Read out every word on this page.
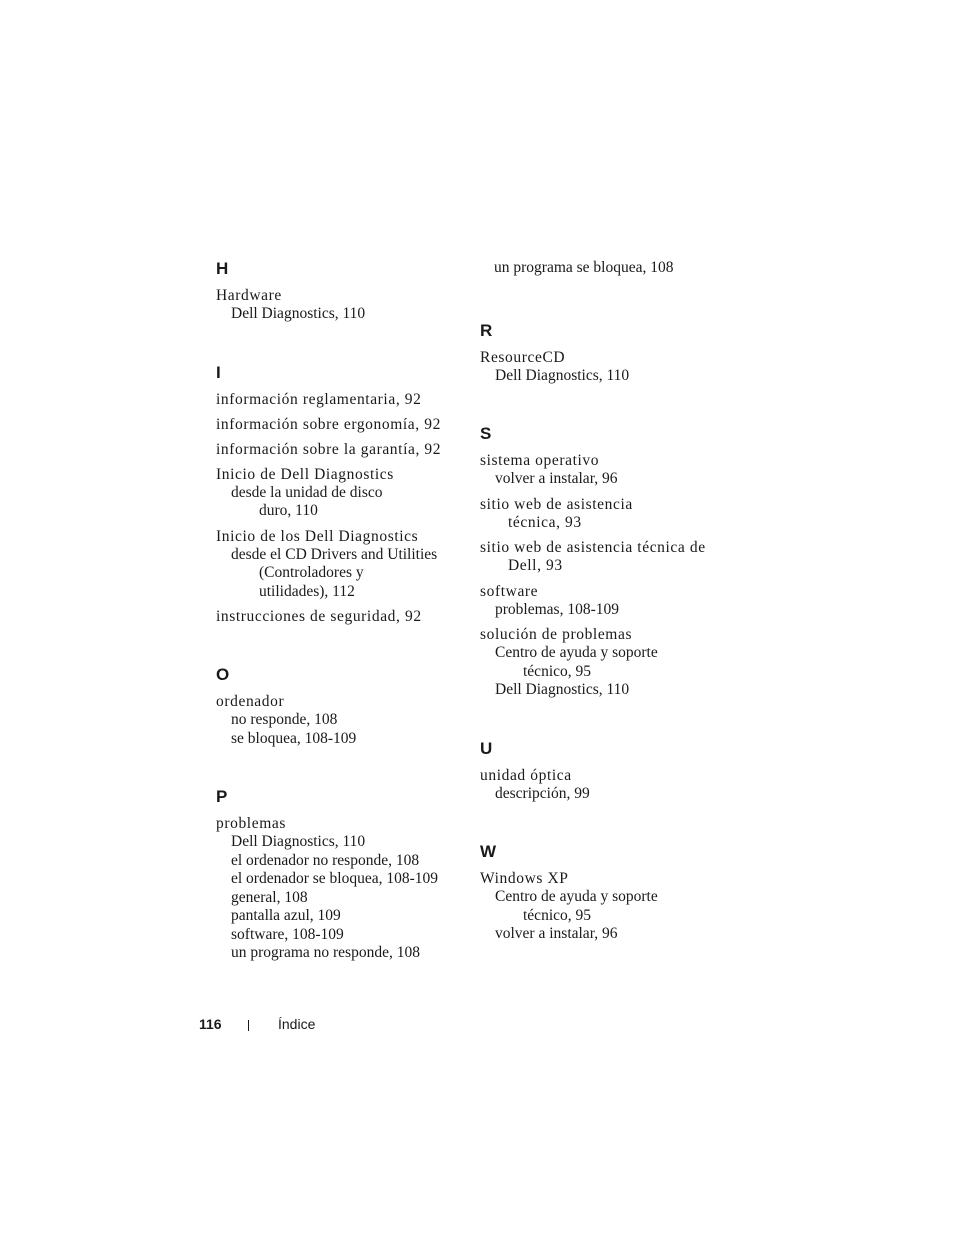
H
Hardware
Dell Diagnostics, 110
I
información reglamentaria, 92
información sobre ergonomía, 92
información sobre la garantía, 92
Inicio de Dell Diagnostics
desde la unidad de disco
duro, 110
Inicio de los Dell Diagnostics
desde el CD Drivers and Utilities
(Controladores y
utilidades), 112
instrucciones de seguridad, 92
O
ordenador
no responde, 108
se bloquea, 108-109
P
problemas
Dell Diagnostics, 110
el ordenador no responde, 108
el ordenador se bloquea, 108-109
general, 108
pantalla azul, 109
software, 108-109
un programa no responde, 108
un programa se bloquea, 108
R
ResourceCD
Dell Diagnostics, 110
S
sistema operativo
volver a instalar, 96
sitio web de asistencia
técnica, 93
sitio web de asistencia técnica de
Dell, 93
software
problemas, 108-109
solución de problemas
Centro de ayuda y soporte
técnico, 95
Dell Diagnostics, 110
U
unidad óptica
descripción, 99
W
Windows XP
Centro de ayuda y soporte
técnico, 95
volver a instalar, 96
116	Índice
